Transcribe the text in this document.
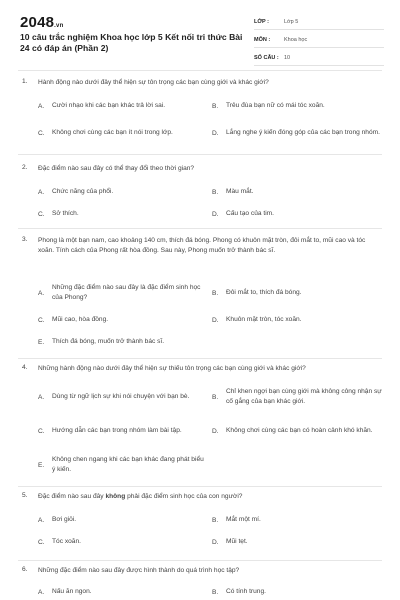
2048.vn
10 câu trắc nghiệm Khoa học lớp 5 Kết nối tri thức Bài 24 có đáp án (Phần 2)
LỚP :	Lớp 5
MÔN :	Khoa học
SỐ CÂU : 10
1. Hành động nào dưới đây thể hiện sự tôn trọng các bạn cùng giới và khác giới?
A.	Cười nhạo khi các bạn khác trả lời sai.	B.	Trêu đùa bạn nữ có mái tóc xoăn.
C.	Không chơi cùng các bạn ít nói trong lớp.	D.	Lắng nghe ý kiến đóng góp của các bạn trong nhóm.
2. Đặc điểm nào sau đây có thể thay đổi theo thời gian?
A.	Chức năng của phổi.	B.	Màu mắt.
C.	Sở thích.	D.	Cấu tạo của tim.
3. Phong là một bạn nam, cao khoảng 140 cm, thích đá bóng. Phong có khuôn mặt tròn, đôi mắt to, mũi cao và tóc xoăn. Tính cách của Phong rất hòa đồng. Sau này, Phong muốn trở thành bác sĩ.
A.
Những đặc điểm nào sau đây là đặc điểm sinh học của Phong?
B.	Đôi mắt to, thích đá bóng.
C.	Mũi cao, hòa đồng.	D.	Khuôn mặt tròn, tóc xoăn.
E.	Thích đá bóng, muốn trở thành bác sĩ.
4. Những hành động nào dưới đây thể hiện sự thiếu tôn trọng các bạn cùng giới và khác giới?
A.	Dùng từ ngữ lịch sự khi nói chuyện với bạn bè.	B.
Chỉ khen ngợi bạn cùng giới mà không công nhận sự cố gắng của bạn khác giới.
C.	Hướng dẫn các bạn trong nhóm làm bài tập.	D.	Không chơi cùng các bạn có hoàn cảnh khó khăn.
E.
Không chen ngang khi các bạn khác đang phát biểu ý kiến.
5. Đặc điểm nào sau đây không phải đặc điểm sinh học của con người?
A.	Bơi giỏi.	B.	Mắt một mí.
C.	Tóc xoăn.	D.	Mũi tẹt.
6. Những đặc điểm nào sau đây được hình thành do quá trình học tập?
A.	Nấu ăn ngon.	B.	Có tính trung.
